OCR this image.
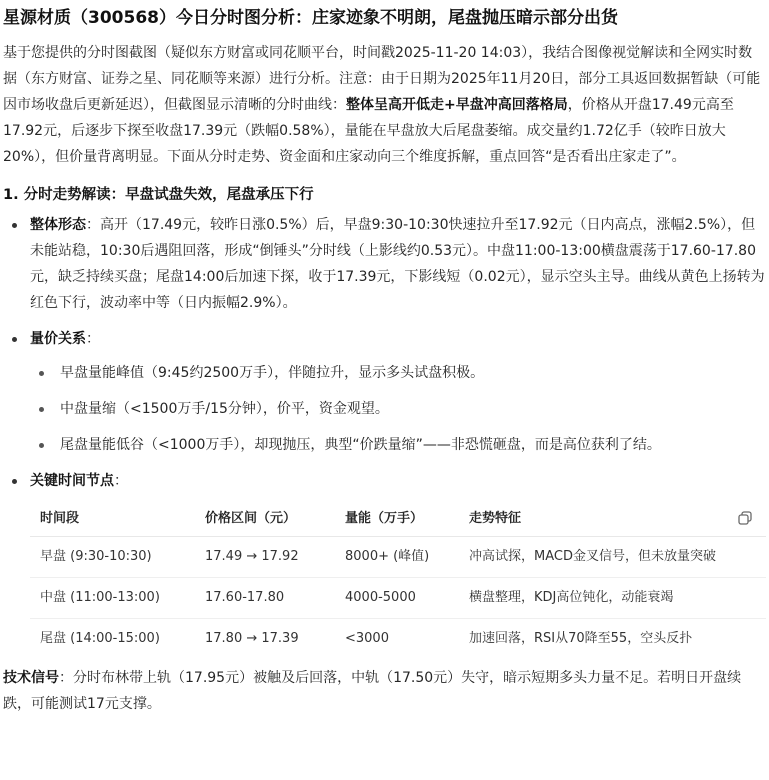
星源材质（300568）今日分时图分析：庄家迹象不明朗，尾盘抛压暗示部分出货

基于您提供的分时图截图（疑似东方财富或同花顺平台，时间戳2025-11-20 14:03），我结合图像视觉解读和全网实时数据（东方财富、证券之星、同花顺等来源）进行分析。注意：由于日期为2025年11月20日，部分工具返回数据暂缺（可能因市场收盘后更新延迟），但截图显示清晰的分时曲线：整体呈高开低走+早盘冲高回落格局，价格从开盘17.49元高至17.92元，后逐步下探至收盘17.39元（跌幅0.58%），量能在早盘放大后尾盘萎缩。成交量约1.72亿手（较昨日放大20%），但价量背离明显。下面从分时走势、资金面和庄家动向三个维度拆解，重点回答“是否看出庄家走了”。

1. 分时走势解读：早盘试盘失效，尾盘承压下行
整体形态：高开（17.49元，较昨日涨0.5%）后，早盘9:30-10:30快速拉升至17.92元（日内高点，涨幅2.5%），但未能站稳，10:30后遇阻回落，形成“倒锤头”分时线（上影线约0.53元）。中盘11:00-13:00横盘震荡于17.60-17.80元，缺乏持续买盘；尾盘14:00后加速下探，收于17.39元，下影线短（0.02元），显示空头主导。曲线从黄色上扬转为红色下行，波动率中等（日内振幅2.9%）。
量价关系：
早盘量能峰值（9:45约2500万手），伴随拉升，显示多头试盘积极。
中盘量缩（<1500万手/15分钟），价平，资金观望。
尾盘量能低谷（<1000万手），却现抛压，典型“价跌量缩”——非恐慌砸盘，而是高位获利了结。
关键时间节点：
时间段	价格区间（元）	量能（万手）	走势特征
早盘 (9:30-10:30)	17.49 → 17.92	8000+ (峰值)	冲高试探，MACD金叉信号，但未放量突破
中盘 (11:00-13:00)	17.60-17.80	4000-5000	横盘整理，KDJ高位钝化，动能衰竭
尾盘 (14:00-15:00)	17.80 → 17.39	<3000	加速回落，RSI从70降至55，空头反扑

技术信号：分时布林带上轨（17.95元）被触及后回落，中轨（17.50元）失守，暗示短期多头力量不足。若明日开盘续跌，可能测试17元支撑。
